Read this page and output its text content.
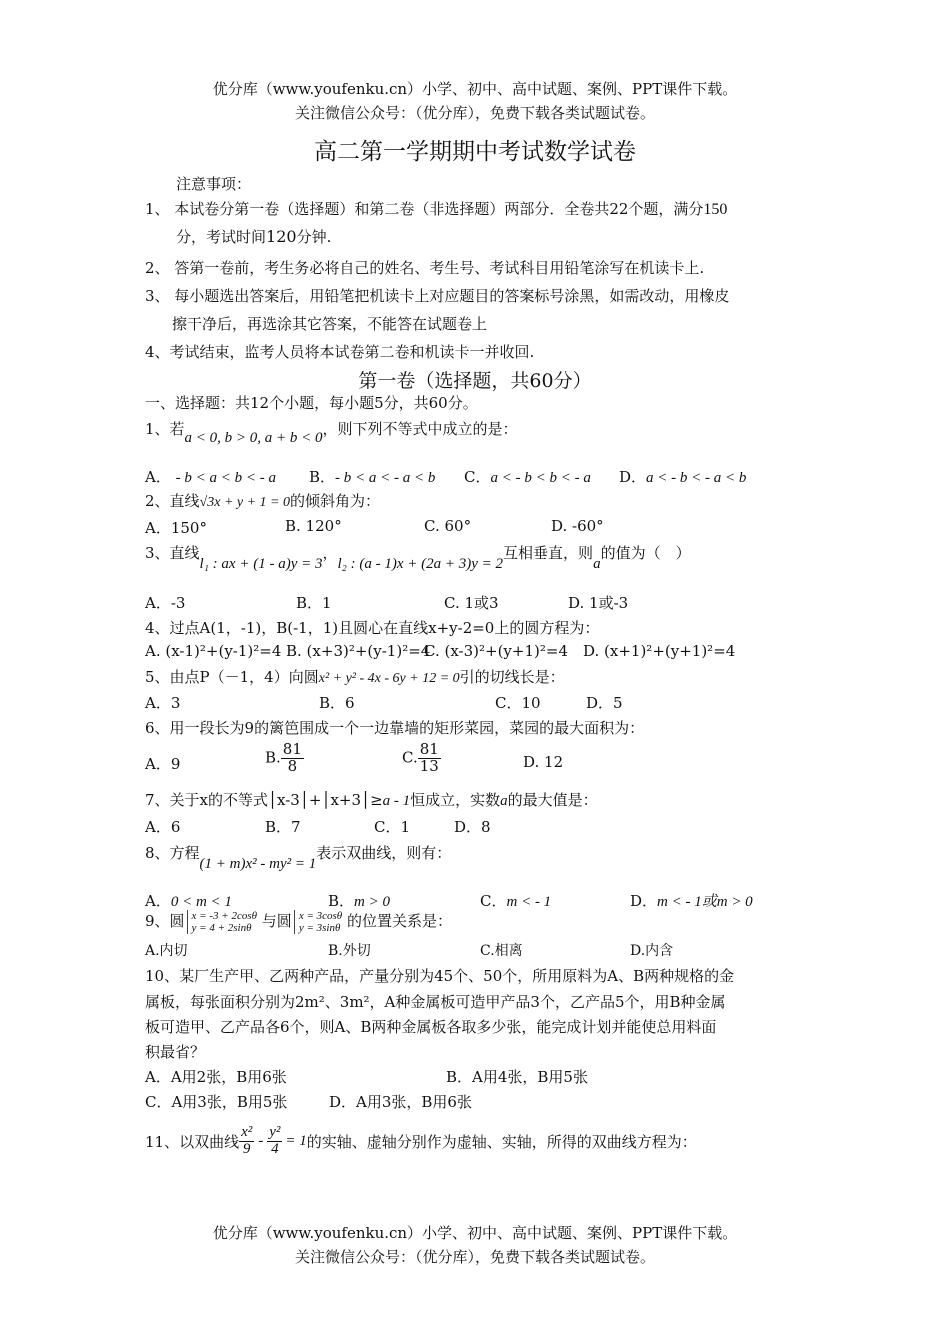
优分库（www.youfenku.cn）小学、初中、高中试题、案例、PPT课件下载。
关注微信公众号：（优分库），免费下载各类试题试卷。
高二第一学期期中考试数学试卷
注意事项：
1、 本试卷分第一卷（选择题）和第二卷（非选择题）两部分．全卷共22个题，满分150
分，考试时间120分钟.
2、 答第一卷前，考生务必将自己的姓名、考生号、考试科目用铅笔涂写在机读卡上.
3、 每小题选出答案后，用铅笔把机读卡上对应题目的答案标号涂黑，如需改动，用橡皮
擦干净后，再选涂其它答案，不能答在试题卷上
4、考试结束，监考人员将本试卷第二卷和机读卡一并收回.
第一卷（选择题，共60分）
一、选择题：共12个小题，每小题5分，共60分。
1、若a < 0, b > 0, a + b < 0，则下列不等式中成立的是：
A． - b < a < b < - a B．- b < a < - a < b C．a < - b < b < - a D．a < - b < - a < b
2、直线√3x + y + 1 = 0的倾斜角为：
A．150°	B. 120°	C. 60°	D. -60°
3、直线l₁ : ax + (1 - a)y = 3，l₂ : (a - 1)x + (2a + 3)y = 2互相垂直，则a的值为（　）
A．-3	B．1	C. 1或3	D. 1或-3
4、过点A(1，-1)，B(-1，1)且圆心在直线x+y-2=0上的圆方程为：
A. (x-1)²+(y-1)²=4 B. (x+3)²+(y-1)²=4
C. (x-3)²+(y+1)²=4 D. (x+1)²+(y+1)²=4
5、由点P（－1，4）向圆x² + y² - 4x - 6y + 12 = 0引的切线长是：
A．3	B．6	C．10	D．5
6、用一段长为9的篱笆围成一个一边靠墙的矩形菜园，菜园的最大面积为：
A．9	B. $\frac{81}{8}$	C. $\frac{81}{13}$	D. 12
7、关于x的不等式│x-3│+│x+3│≥a - 1恒成立，实数a的最大值是：
A．6	B．7	C．1	D．8
8、方程(1 + m)x² - my² = 1表示双曲线，则有：
A．0 < m < 1	B．m > 0	C．m < - 1	D．m < - 1或m > 0
9、圆 x = -3 + 2cosθ
y = 4 + 2sinθ 与圆 x = 3cosθ
y = 3sinθ 的位置关系是：
A.内切	B.外切	C.相离	D.内含
10、某厂生产甲、乙两种产品，产量分别为45个、50个，所用原料为A、B两种规格的金
属板，每张面积分别为2m²、3m²，A种金属板可造甲产品3个，乙产品5个，用B种金属
板可造甲、乙产品各6个，则A、B两种金属板各取多少张，能完成计划并能使总用料面
积最省？
A．A用2张，B用6张	B．A用4张，B用5张
C．A用3张，B用5张	D．A用3张，B用6张
11、以双曲线 $\frac{\text{x²}}{9} - \frac{\text{y²}}{4} = 1$的实轴、虚轴分别作为虚轴、实轴，所得的双曲线方程为：
优分库（www.youfenku.cn）小学、初中、高中试题、案例、PPT课件下载。
关注微信公众号：（优分库），免费下载各类试题试卷。
